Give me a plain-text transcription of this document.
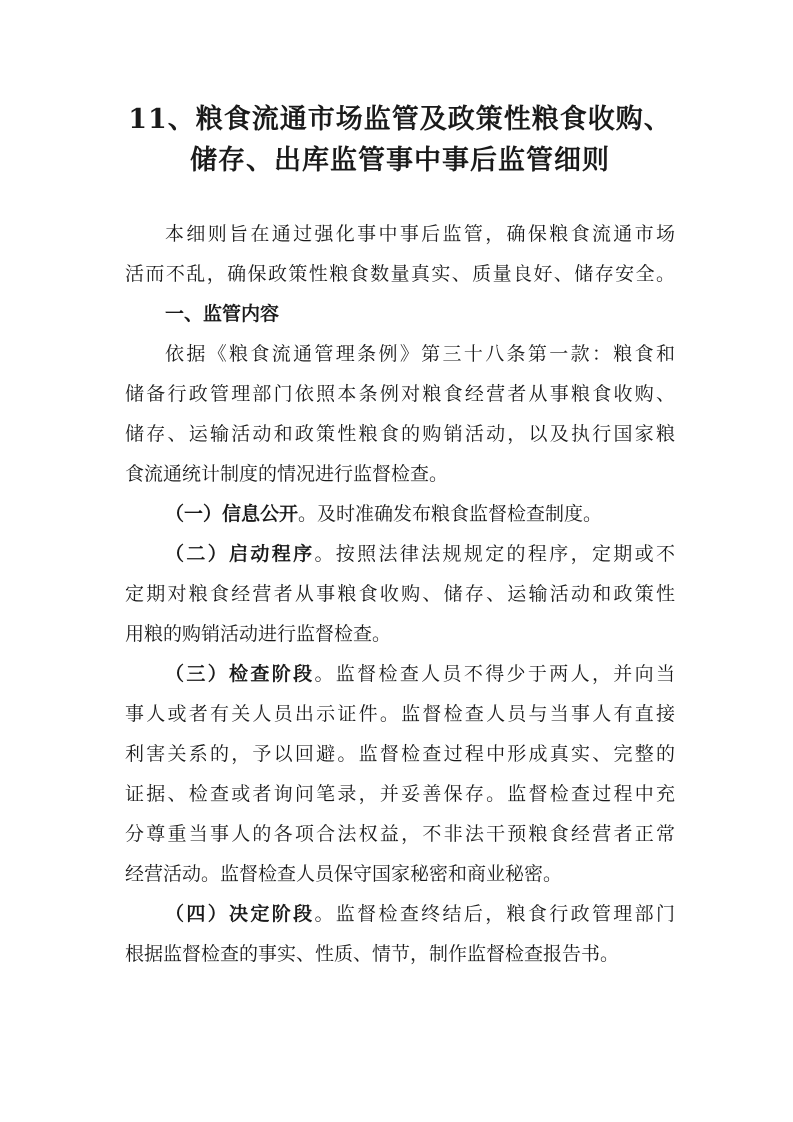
11、粮食流通市场监管及政策性粮食收购、
储存、出库监管事中事后监管细则
本细则旨在通过强化事中事后监管，确保粮食流通市场
活而不乱，确保政策性粮食数量真实、质量良好、储存安全。
一、监管内容
依据《粮食流通管理条例》第三十八条第一款：粮食和
储备行政管理部门依照本条例对粮食经营者从事粮食收购、
储存、运输活动和政策性粮食的购销活动，以及执行国家粮
食流通统计制度的情况进行监督检查。
（一）信息公开。及时准确发布粮食监督检查制度。
（二）启动程序。按照法律法规规定的程序，定期或不
定期对粮食经营者从事粮食收购、储存、运输活动和政策性
用粮的购销活动进行监督检查。
（三）检查阶段。监督检查人员不得少于两人，并向当
事人或者有关人员出示证件。监督检查人员与当事人有直接
利害关系的，予以回避。监督检查过程中形成真实、完整的
证据、检查或者询问笔录，并妥善保存。监督检查过程中充
分尊重当事人的各项合法权益，不非法干预粮食经营者正常
经营活动。监督检查人员保守国家秘密和商业秘密。
（四）决定阶段。监督检查终结后，粮食行政管理部门
根据监督检查的事实、性质、情节，制作监督检查报告书。
